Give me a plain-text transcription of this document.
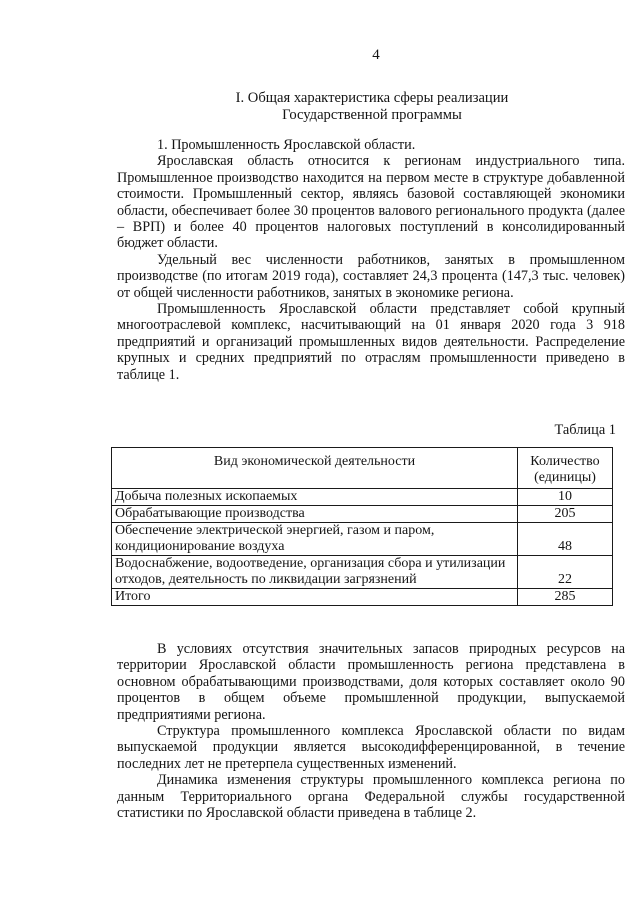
4
I. Общая характеристика сферы реализации
Государственной программы
1. Промышленность Ярославской области.

Ярославская область относится к регионам индустриального типа. Промышленное производство находится на первом месте в структуре добавленной стоимости. Промышленный сектор, являясь базовой составляющей экономики области, обеспечивает более 30 процентов валового регионального продукта (далее – ВРП) и более 40 процентов налоговых поступлений в консолидированный бюджет области.

Удельный вес численности работников, занятых в промышленном производстве (по итогам 2019 года), составляет 24,3 процента (147,3 тыс. человек) от общей численности работников, занятых в экономике региона.

Промышленность Ярославской области представляет собой крупный многоотраслевой комплекс, насчитывающий на 01 января 2020 года 3 918 предприятий и организаций промышленных видов деятельности. Распределение крупных и средних предприятий по отраслям промышленности приведено в таблице 1.

Таблица 1
Вид экономической деятельности	Количество (единицы)
Добыча полезных ископаемых	10
Обрабатывающие производства	205
Обеспечение электрической энергией, газом и паром, кондиционирование воздуха	48
Водоснабжение, водоотведение, организация сбора и утилизации отходов, деятельность по ликвидации загрязнений	22
Итого	285

В условиях отсутствия значительных запасов природных ресурсов на территории Ярославской области промышленность региона представлена в основном обрабатывающими производствами, доля которых составляет около 90 процентов в общем объеме промышленной продукции, выпускаемой предприятиями региона.

Структура промышленного комплекса Ярославской области по видам выпускаемой продукции является высокодифференцированной, в течение последних лет не претерпела существенных изменений.

Динамика изменения структуры промышленного комплекса региона по данным Территориального органа Федеральной службы государственной статистики по Ярославской области приведена в таблице 2.
